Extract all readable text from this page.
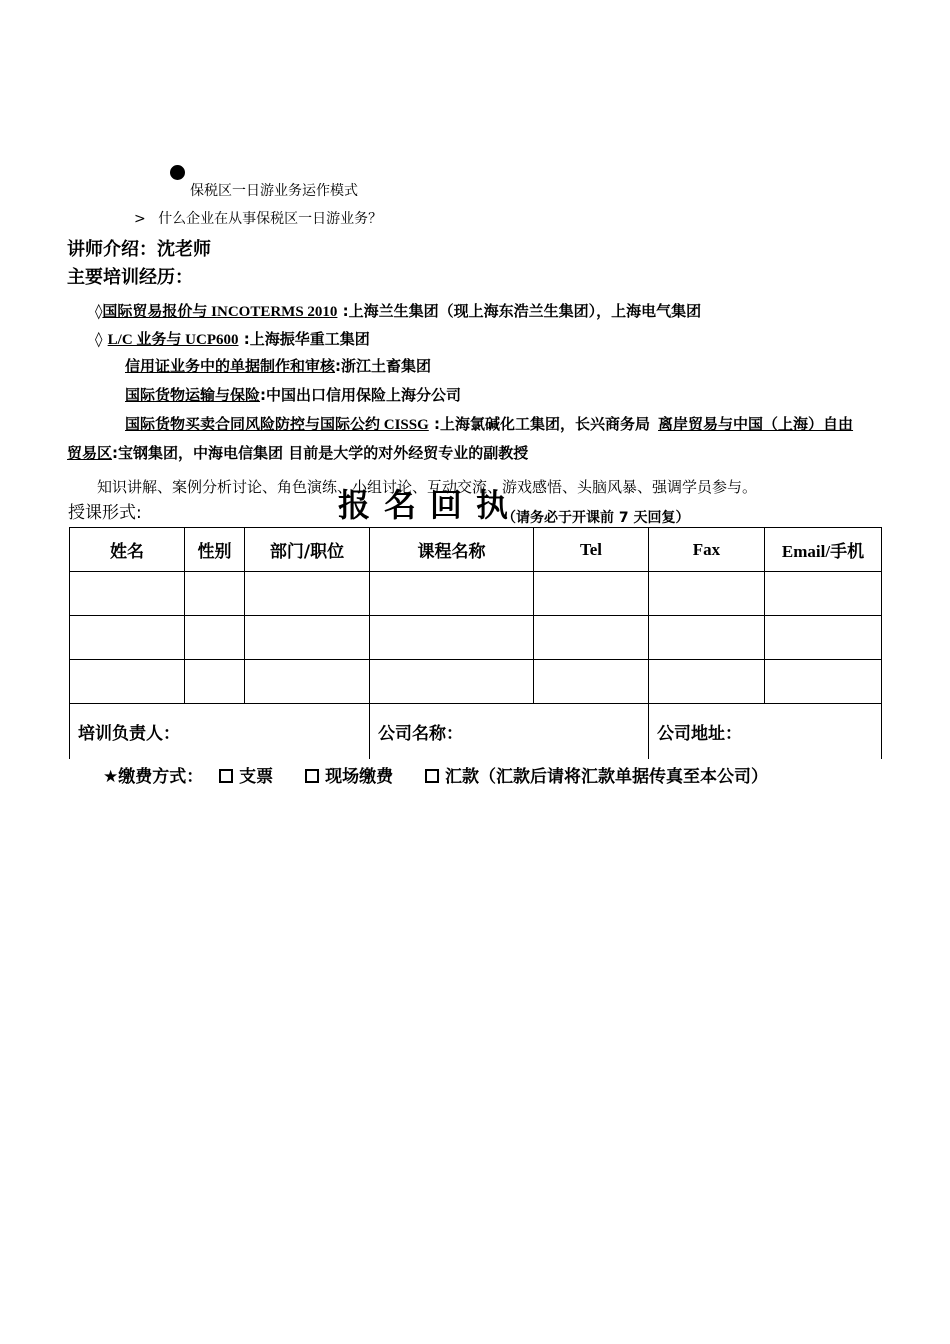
保税区一日游业务运作模式
> 什么企业在从事保税区一日游业务？
讲师介绍：沈老师
主要培训经历：
◊国际贸易报价与 INCOTERMS 2010 :上海兰生集团（现上海东浩兰生集团），上海电气集团
◊ L/C 业务与 UCP600 :上海振华重工集团
信用证业务中的单据制作和审核:浙江土畜集团
国际货物运输与保险:中国出口信用保险上海分公司
国际货物买卖合同风险防控与国际公约 CISSG :上海氯碱化工集团，长兴商务局 离岸贸易与中国（上海）自由
贸易区:宝钢集团，中海电信集团 目前是大学的对外经贸专业的副教授
知识讲解、案例分析讨论、角色演练、小组讨论、互动交流、游戏感悟、头脑风暴、强调学员参与。
授课形式:	报名回执
（请务必于开课前 7 天回复）
姓名	性别	部门/职位	课程名称	Tel	Fax	Email/手机

培训负责人：			公司名称：		公司地址：	
★缴费方式： 支票	现场缴费	汇款（汇款后请将汇款单据传真至本公司）
